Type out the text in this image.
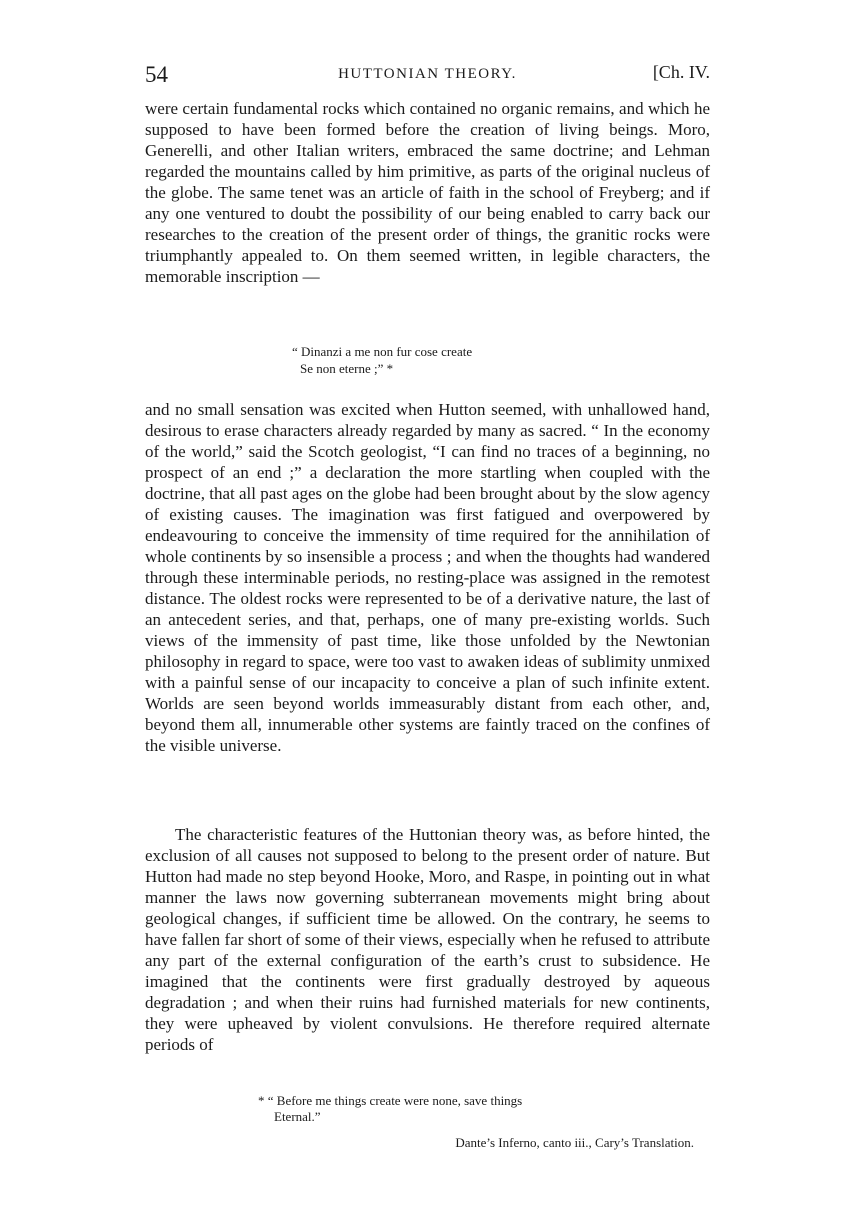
54	HUTTONIAN THEORY.	[Ch. IV.

were certain fundamental rocks which contained no organic remains, and which he supposed to have been formed before the creation of living beings. Moro, Generelli, and other Italian writers, embraced the same doctrine; and Lehman regarded the mountains called by him primitive, as parts of the original nucleus of the globe. The same tenet was an article of faith in the school of Freyberg; and if any one ventured to doubt the possibility of our being enabled to carry back our researches to the creation of the present order of things, the granitic rocks were triumphantly appealed to. On them seemed written, in legible characters, the memorable inscription —

“ Dinanzi a me non fur cose create
Se non eterne ;” *

and no small sensation was excited when Hutton seemed, with unhallowed hand, desirous to erase characters already regarded by many as sacred. “ In the economy of the world,” said the Scotch geologist, “I can find no traces of a beginning, no prospect of an end ;” a declaration the more startling when coupled with the doctrine, that all past ages on the globe had been brought about by the slow agency of existing causes. The imagination was first fatigued and overpowered by endeavouring to conceive the immensity of time required for the annihilation of whole continents by so insensible a process ; and when the thoughts had wandered through these interminable periods, no resting-place was assigned in the remotest distance. The oldest rocks were represented to be of a derivative nature, the last of an antecedent series, and that, perhaps, one of many pre-existing worlds. Such views of the immensity of past time, like those unfolded by the Newtonian philosophy in regard to space, were too vast to awaken ideas of sublimity unmixed with a painful sense of our incapacity to conceive a plan of such infinite extent. Worlds are seen beyond worlds immeasurably distant from each other, and, beyond them all, innumerable other systems are faintly traced on the confines of the visible universe.

The characteristic features of the Huttonian theory was, as before hinted, the exclusion of all causes not supposed to belong to the present order of nature. But Hutton had made no step beyond Hooke, Moro, and Raspe, in pointing out in what manner the laws now governing subterranean movements might bring about geological changes, if sufficient time be allowed. On the contrary, he seems to have fallen far short of some of their views, especially when he refused to attribute any part of the external configuration of the earth’s crust to subsidence. He imagined that the continents were first gradually destroyed by aqueous degradation ; and when their ruins had furnished materials for new continents, they were upheaved by violent convulsions. He therefore required alternate periods of

* “ Before me things create were none, save things
Eternal.”
Dante’s Inferno, canto iii., Cary’s Translation.
